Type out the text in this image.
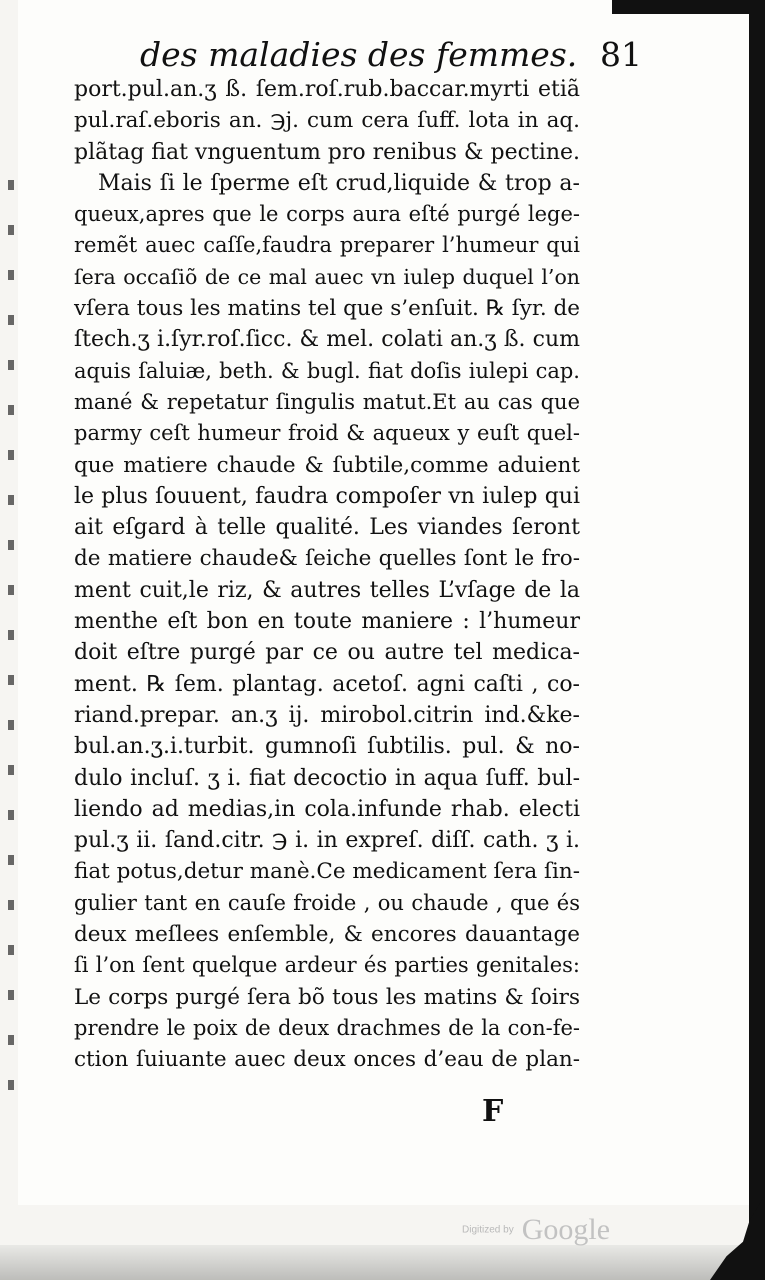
des maladies des femmes. 81
port.pul.an.ʒ ß. ſem.roſ.rub.baccar.myrti etiã
pul.raſ.eboris an. ℈j. cum cera ſuff. lota in aq.
plãtag fiat vnguentum pro renibus & pectine.
Mais ſi le ſperme eſt crud,liquide & trop a-
queux,apres que le corps aura eſté purgé lege-
remẽt auec caſſe,faudra preparer l’humeur qui
ſera occaſiõ de ce mal auec vn iulep duquel l’on
vſera tous les matins tel que s’enſuit. ℞ ſyr. de
ſtech.ʒ i.ſyr.roſ.ſicc. & mel. colati an.ʒ ß. cum
aquis ſaluiæ, beth. & bugl. fiat doſis iulepi cap.
mané & repetatur ſingulis matut.Et au cas que
parmy ceſt humeur froid & aqueux y euſt quel-
que matiere chaude & ſubtile,comme aduient
le plus ſouuent, faudra compoſer vn iulep qui
ait eſgard à telle qualité. Les viandes ſeront
de matiere chaude& ſeiche quelles ſont le fro-
ment cuit,le riz, & autres telles L’vſage de la
menthe eſt bon en toute maniere : l’humeur
doit eſtre purgé par ce ou autre tel medica-
ment. ℞ ſem. plantag. acetoſ. agni caſti , co-
riand.prepar. an.ʒ ij. mirobol.citrin ind.&ke-
bul.an.ʒ.i.turbit. gumnoſi ſubtilis. pul. & no-
dulo incluſ. ʒ i. fiat decoctio in aqua ſuff. bul-
liendo ad medias,in cola.infunde rhab. electi
pul.ʒ ii. ſand.citr. ℈ i. in expreſ. diſſ. cath. ʒ i.
fiat potus,detur manè.Ce medicament ſera ſin-
gulier tant en cauſe froide , ou chaude , que és
deux meſlees enſemble, & encores dauantage
ſi l’on ſent quelque ardeur és parties genitales:
Le corps purgé ſera bõ tous les matins & ſoirs
prendre le poix de deux drachmes de la con-fe-
ction ſuiuante auec deux onces d’eau de plan-
F
Digitized by Google
